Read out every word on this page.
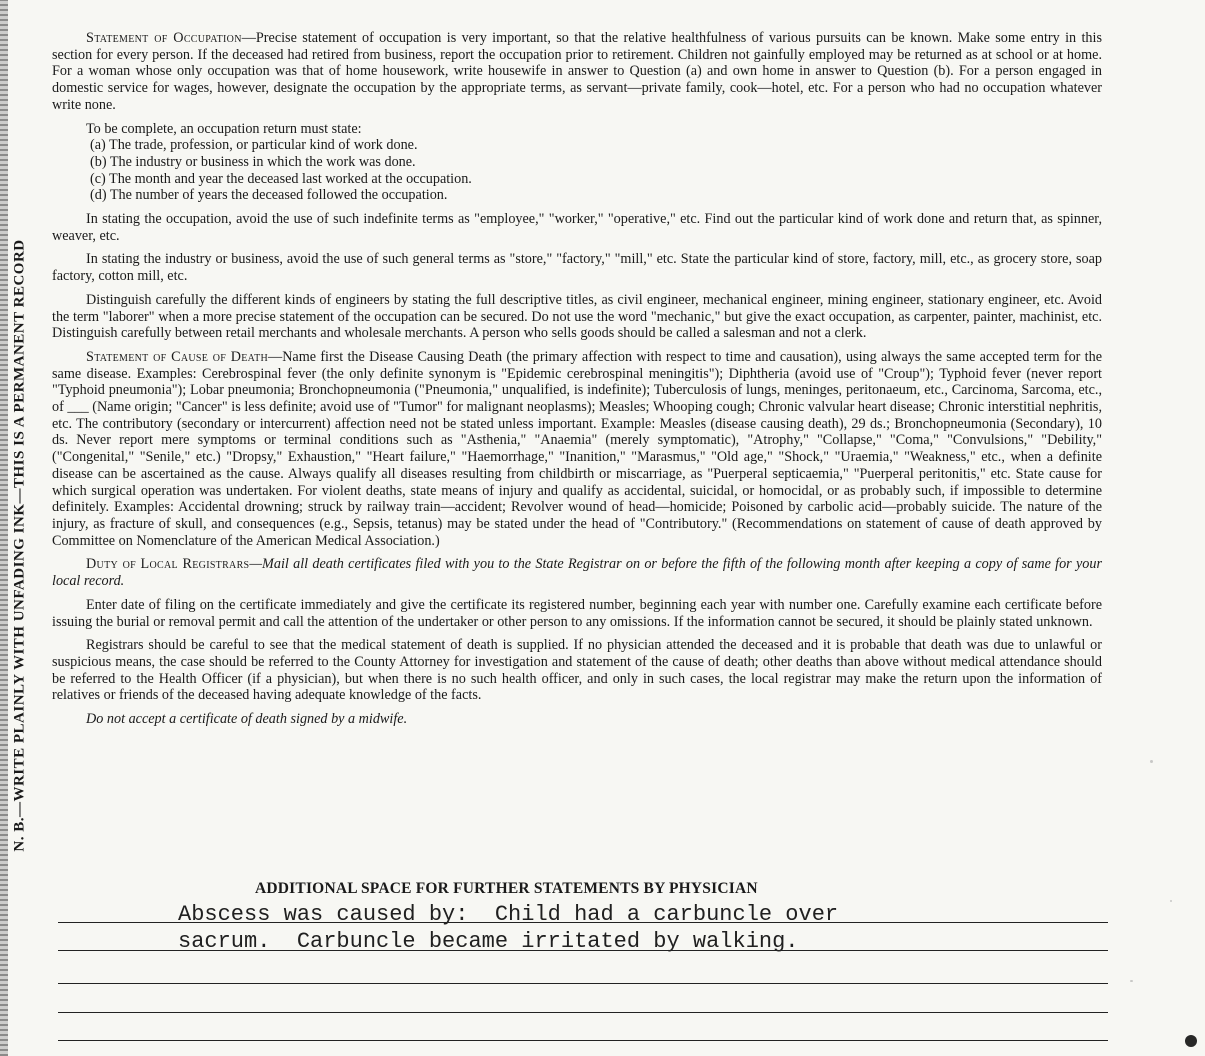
N. B.—WRITE PLAINLY WITH UNFADING INK—THIS IS A PERMANENT RECORD

Statement of Occupation—Precise statement of occupation is very important, so that the relative healthfulness of various pursuits can be known. Make some entry in this section for every person. If the deceased had retired from business, report the occupation prior to retirement. Children not gainfully employed may be returned as at school or at home. For a woman whose only occupation was that of home housework, write housewife in answer to Question (a) and own home in answer to Question (b). For a person engaged in domestic service for wages, however, designate the occupation by the appropriate terms, as servant—private family, cook—hotel, etc. For a person who had no occupation whatever write none.

To be complete, an occupation return must state:

(a) The trade, profession, or particular kind of work done.
(b) The industry or business in which the work was done.
(c) The month and year the deceased last worked at the occupation.
(d) The number of years the deceased followed the occupation.

In stating the occupation, avoid the use of such indefinite terms as "employee," "worker," "operative," etc. Find out the particular kind of work done and return that, as spinner, weaver, etc.

In stating the industry or business, avoid the use of such general terms as "store," "factory," "mill," etc. State the particular kind of store, factory, mill, etc., as grocery store, soap factory, cotton mill, etc.

Distinguish carefully the different kinds of engineers by stating the full descriptive titles, as civil engineer, mechanical engineer, mining engineer, stationary engineer, etc. Avoid the term "laborer" when a more precise statement of the occupation can be secured. Do not use the word "mechanic," but give the exact occupation, as carpenter, painter, machinist, etc. Distinguish carefully between retail merchants and wholesale merchants. A person who sells goods should be called a salesman and not a clerk.

Statement of Cause of Death—Name first the Disease Causing Death (the primary affection with respect to time and causation), using always the same accepted term for the same disease. Examples: Cerebrospinal fever (the only definite synonym is "Epidemic cerebrospinal meningitis"); Diphtheria (avoid use of "Croup"); Typhoid fever (never report "Typhoid pneumonia"); Lobar pneumonia; Bronchopneumonia ("Pneumonia," unqualified, is indefinite); Tuberculosis of lungs, meninges, peritonaeum, etc., Carcinoma, Sarcoma, etc., of ___ (Name origin; "Cancer" is less definite; avoid use of "Tumor" for malignant neoplasms); Measles; Whooping cough; Chronic valvular heart disease; Chronic interstitial nephritis, etc. The contributory (secondary or intercurrent) affection need not be stated unless important. Example: Measles (disease causing death), 29 ds.; Bronchopneumonia (Secondary), 10 ds. Never report mere symptoms or terminal conditions such as "Asthenia," "Anaemia" (merely symptomatic), "Atrophy," "Collapse," "Coma," "Convulsions," "Debility," ("Congenital," "Senile," etc.) "Dropsy," Exhaustion," "Heart failure," "Haemorrhage," "Inanition," "Marasmus," "Old age," "Shock," "Uraemia," "Weakness," etc., when a definite disease can be ascertained as the cause. Always qualify all diseases resulting from childbirth or miscarriage, as "Puerperal septicaemia," "Puerperal peritonitis," etc. State cause for which surgical operation was undertaken. For violent deaths, state means of injury and qualify as accidental, suicidal, or homocidal, or as probably such, if impossible to determine definitely. Examples: Accidental drowning; struck by railway train—accident; Revolver wound of head—homicide; Poisoned by carbolic acid—probably suicide. The nature of the injury, as fracture of skull, and consequences (e.g., Sepsis, tetanus) may be stated under the head of "Contributory." (Recommendations on statement of cause of death approved by Committee on Nomenclature of the American Medical Association.)

Duty of Local Registrars—Mail all death certificates filed with you to the State Registrar on or before the fifth of the following month after keeping a copy of same for your local record.

Enter date of filing on the certificate immediately and give the certificate its registered number, beginning each year with number one. Carefully examine each certificate before issuing the burial or removal permit and call the attention of the undertaker or other person to any omissions. If the information cannot be secured, it should be plainly stated unknown.

Registrars should be careful to see that the medical statement of death is supplied. If no physician attended the deceased and it is probable that death was due to unlawful or suspicious means, the case should be referred to the County Attorney for investigation and statement of the cause of death; other deaths than above without medical attendance should be referred to the Health Officer (if a physician), but when there is no such health officer, and only in such cases, the local registrar may make the return upon the information of relatives or friends of the deceased having adequate knowledge of the facts.

Do not accept a certificate of death signed by a midwife.

ADDITIONAL SPACE FOR FURTHER STATEMENTS BY PHYSICIAN
Abscess was caused by:  Child had a carbuncle over
sacrum.  Carbuncle became irritated by walking.
